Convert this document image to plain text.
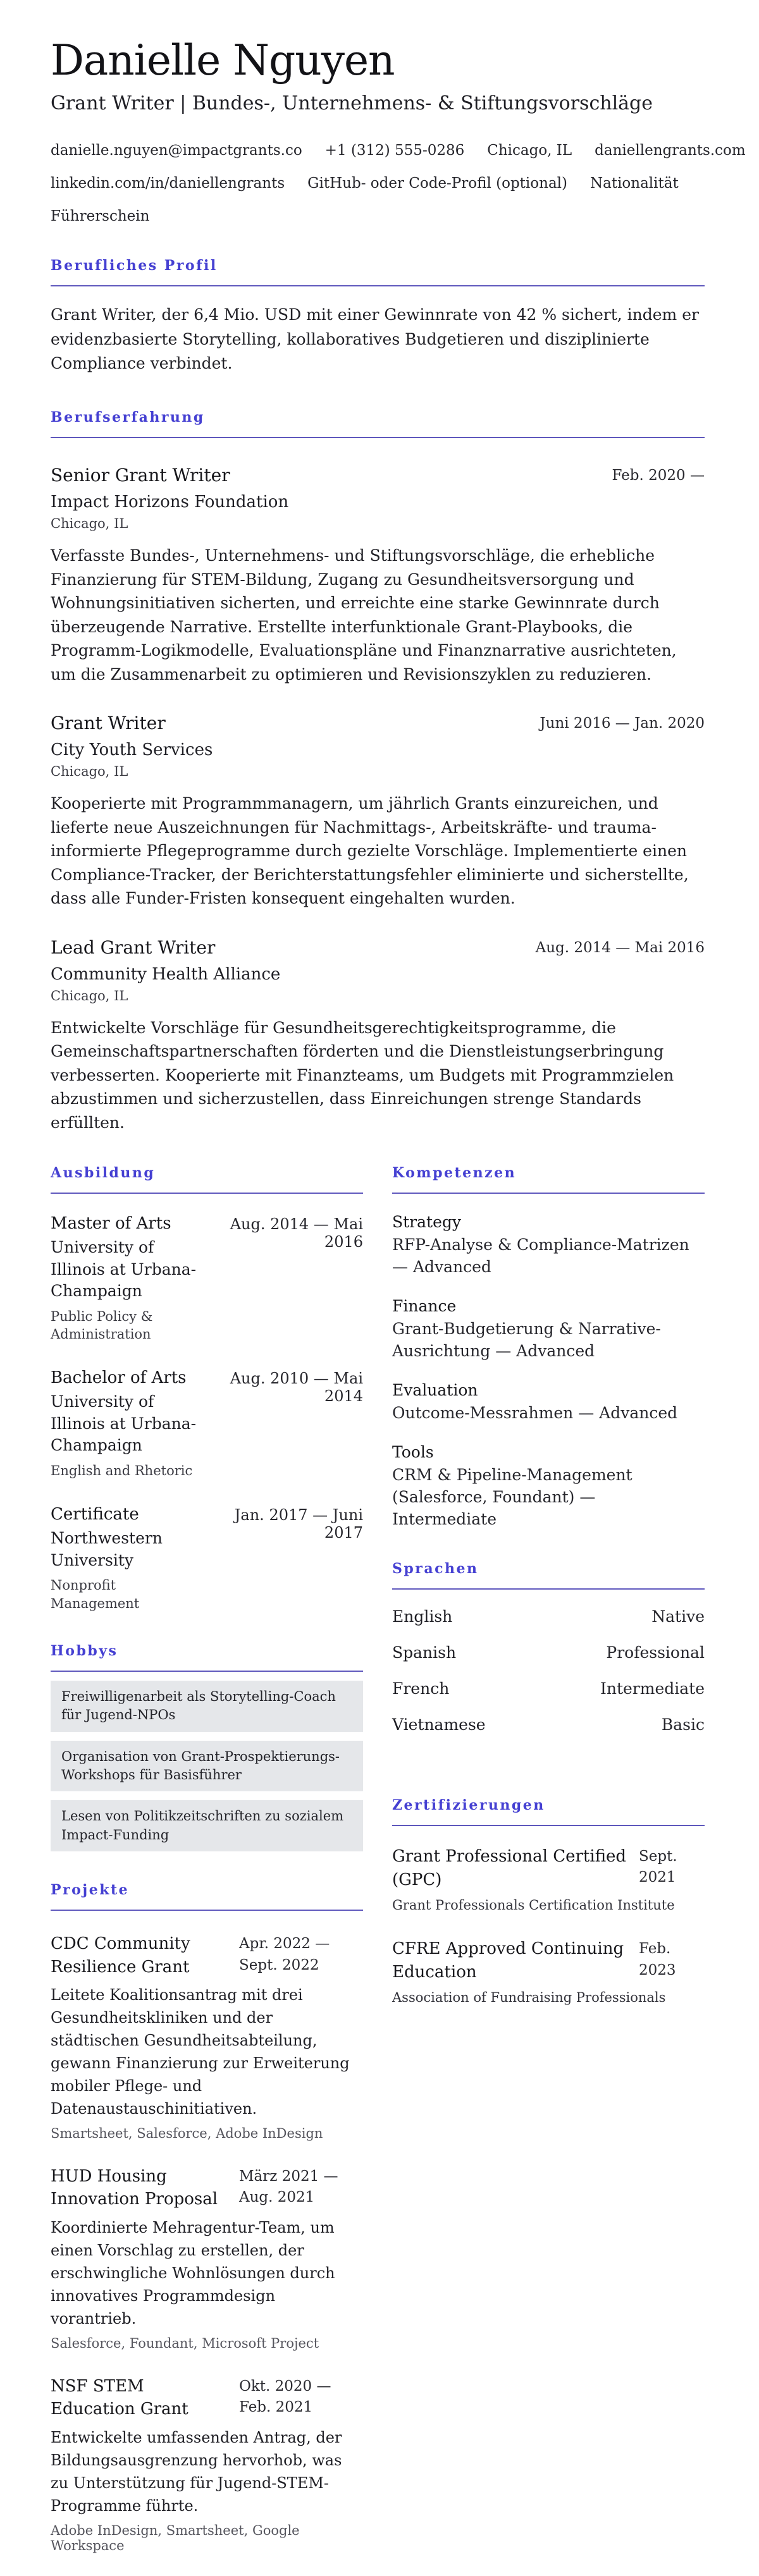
Danielle Nguyen
Grant Writer | Bundes-, Unternehmens- & Stiftungsvorschläge
danielle.nguyen@impactgrants.co +1 (312) 555-0286 Chicago, IL daniellengrants.com
linkedin.com/in/daniellengrants GitHub- oder Code-Profil (optional) Nationalität
Führerschein
Berufliches Profil

Grant Writer, der 6,4 Mio. USD mit einer Gewinnrate von 42 % sichert, indem er evidenzbasierte Storytelling, kollaboratives Budgetieren und disziplinierte Compliance verbindet.

Berufserfahrung
Senior Grant Writer	Feb. 2020 —
Impact Horizons Foundation
Chicago, IL

Verfasste Bundes-, Unternehmens- und Stiftungsvorschläge, die erhebliche Finanzierung für STEM-Bildung, Zugang zu Gesundheitsversorgung und Wohnungsinitiativen sicherten, und erreichte eine starke Gewinnrate durch überzeugende Narrative. Erstellte interfunktionale Grant-Playbooks, die Programm-Logikmodelle, Evaluationspläne und Finanznarrative ausrichteten, um die Zusammenarbeit zu optimieren und Revisionszyklen zu reduzieren.

Grant Writer	Juni 2016 — Jan. 2020
City Youth Services
Chicago, IL

Kooperierte mit Programmmanagern, um jährlich Grants einzureichen, und lieferte neue Auszeichnungen für Nachmittags-, Arbeitskräfte- und trauma-informierte Pflegeprogramme durch gezielte Vorschläge. Implementierte einen Compliance-Tracker, der Berichterstattungsfehler eliminierte und sicherstellte, dass alle Funder-Fristen konsequent eingehalten wurden.

Lead Grant Writer	Aug. 2014 — Mai 2016
Community Health Alliance
Chicago, IL

Entwickelte Vorschläge für Gesundheitsgerechtigkeitsprogramme, die Gemeinschaftspartnerschaften förderten und die Dienstleistungserbringung verbesserten. Kooperierte mit Finanzteams, um Budgets mit Programmzielen abzustimmen und sicherzustellen, dass Einreichungen strenge Standards erfüllten.

Ausbildung
Master of Arts
University of Illinois at Urbana-Champaign
Public Policy & Administration
Aug. 2014 — Mai 2016
Bachelor of Arts
University of Illinois at Urbana-Champaign
English and Rhetoric
Aug. 2010 — Mai 2014
Certificate
Northwestern University
Nonprofit Management
Jan. 2017 — Juni 2017
Hobbys
Freiwilligenarbeit als Storytelling-Coach für Jugend-NPOs
Organisation von Grant-Prospektierungs-Workshops für Basisführer
Lesen von Politikzeitschriften zu sozialem Impact-Funding
Projekte
CDC Community Resilience Grant
Apr. 2022 — Sept. 2022

Leitete Koalitionsantrag mit drei Gesundheitskliniken und der städtischen Gesundheitsabteilung, gewann Finanzierung zur Erweiterung mobiler Pflege- und Datenaustauschinitiativen.

Smartsheet, Salesforce, Adobe InDesign
HUD Housing Innovation Proposal
März 2021 — Aug. 2021

Koordinierte Mehragentur-Team, um einen Vorschlag zu erstellen, der erschwingliche Wohnlösungen durch innovatives Programmdesign vorantrieb.

Salesforce, Foundant, Microsoft Project
NSF STEM Education Grant
Okt. 2020 — Feb. 2021

Entwickelte umfassenden Antrag, der Bildungsausgrenzung hervorhob, was zu Unterstützung für Jugend-STEM-Programme führte.

Adobe InDesign, Smartsheet, Google Workspace
Kompetenzen
Strategy
RFP-Analyse & Compliance-Matrizen — Advanced
Finance
Grant-Budgetierung & Narrative-Ausrichtung — Advanced
Evaluation
Outcome-Messrahmen — Advanced
Tools
CRM & Pipeline-Management (Salesforce, Foundant) — Intermediate
Sprachen
English	Native
Spanish	Professional
French	Intermediate
Vietnamese	Basic
Zertifizierungen
Grant Professional Certified (GPC)
Sept. 2021
Grant Professionals Certification Institute
CFRE Approved Continuing Education
Feb. 2023
Association of Fundraising Professionals
